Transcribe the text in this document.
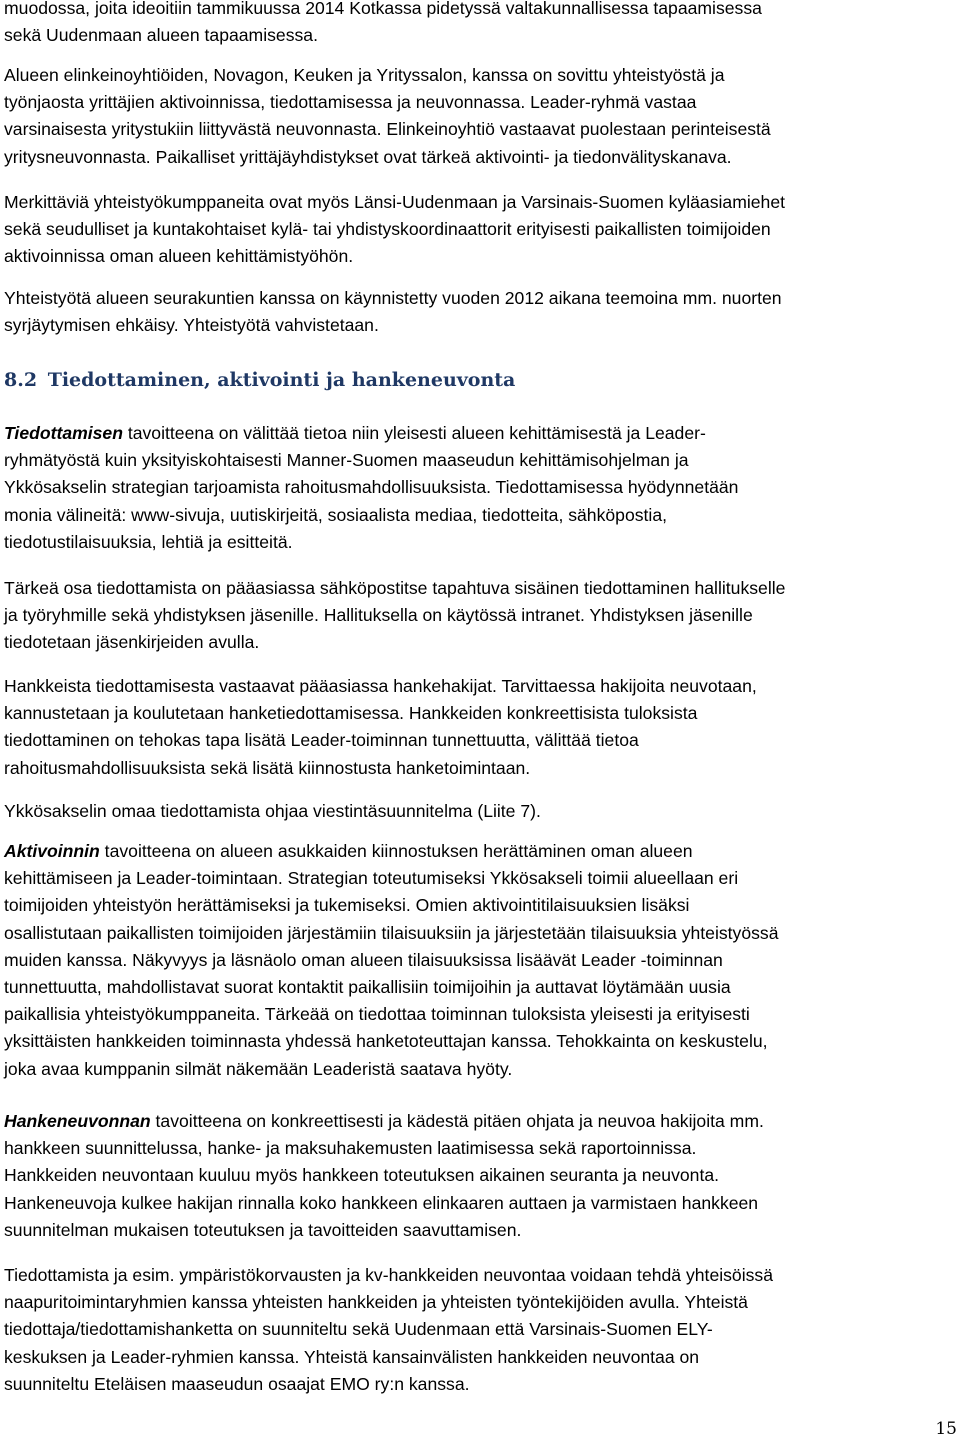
muodossa, joita ideoitiin tammikuussa 2014 Kotkassa pidetyssä valtakunnallisessa tapaamisessa
sekä Uudenmaan alueen tapaamisessa.
Alueen elinkeinoyhtiöiden, Novagon, Keuken ja Yrityssalon, kanssa on sovittu yhteistyöstä ja
työnjaosta yrittäjien aktivoinnissa, tiedottamisessa ja neuvonnassa. Leader-ryhmä vastaa
varsinaisesta yritystukiin liittyvästä neuvonnasta. Elinkeinoyhtiö vastaavat puolestaan perinteisestä
yritysneuvonnasta. Paikalliset yrittäjäyhdistykset ovat tärkeä aktivointi- ja tiedonvälityskanava.
Merkittäviä yhteistyökumppaneita ovat myös Länsi-Uudenmaan ja Varsinais-Suomen kyläasiamiehet
sekä seudulliset ja kuntakohtaiset kylä- tai yhdistyskoordinaattorit erityisesti paikallisten toimijoiden
aktivoinnissa oman alueen kehittämistyöhön.
Yhteistyötä alueen seurakuntien kanssa on käynnistetty vuoden 2012 aikana teemoina mm. nuorten
syrjäytymisen ehkäisy. Yhteistyötä vahvistetaan.
8.2 Tiedottaminen, aktivointi ja hankeneuvonta
Tiedottamisen tavoitteena on välittää tietoa niin yleisesti alueen kehittämisestä ja Leader-
ryhmätyöstä kuin yksityiskohtaisesti Manner-Suomen maaseudun kehittämisohjelman ja
Ykkösakselin strategian tarjoamista rahoitusmahdollisuuksista. Tiedottamisessa hyödynnetään
monia välineitä: www-sivuja, uutiskirjeitä, sosiaalista mediaa, tiedotteita, sähköpostia,
tiedotustilaisuuksia, lehtiä ja esitteitä.
Tärkeä osa tiedottamista on pääasiassa sähköpostitse tapahtuva sisäinen tiedottaminen hallitukselle
ja työryhmille sekä yhdistyksen jäsenille. Hallituksella on käytössä intranet. Yhdistyksen jäsenille
tiedotetaan jäsenkirjeiden avulla.
Hankkeista tiedottamisesta vastaavat pääasiassa hankehakijat. Tarvittaessa hakijoita neuvotaan,
kannustetaan ja koulutetaan hanketiedottamisessa. Hankkeiden konkreettisista tuloksista
tiedottaminen on tehokas tapa lisätä Leader-toiminnan tunnettuutta, välittää tietoa
rahoitusmahdollisuuksista sekä lisätä kiinnostusta hanketoimintaan.
Ykkösakselin omaa tiedottamista ohjaa viestintäsuunnitelma (Liite 7).
Aktivoinnin tavoitteena on alueen asukkaiden kiinnostuksen herättäminen oman alueen
kehittämiseen ja Leader-toimintaan. Strategian toteutumiseksi Ykkösakseli toimii alueellaan eri
toimijoiden yhteistyön herättämiseksi ja tukemiseksi. Omien aktivointitilaisuuksien lisäksi
osallistutaan paikallisten toimijoiden järjestämiin tilaisuuksiin ja järjestetään tilaisuuksia yhteistyössä
muiden kanssa. Näkyvyys ja läsnäolo oman alueen tilaisuuksissa lisäävät Leader -toiminnan
tunnettuutta, mahdollistavat suorat kontaktit paikallisiin toimijoihin ja auttavat löytämään uusia
paikallisia yhteistyökumppaneita. Tärkeää on tiedottaa toiminnan tuloksista yleisesti ja erityisesti
yksittäisten hankkeiden toiminnasta yhdessä hanketoteuttajan kanssa. Tehokkainta on keskustelu,
joka avaa kumppanin silmät näkemään Leaderistä saatava hyöty.
Hankeneuvonnan tavoitteena on konkreettisesti ja kädestä pitäen ohjata ja neuvoa hakijoita mm.
hankkeen suunnittelussa, hanke- ja maksuhakemusten laatimisessa sekä raportoinnissa.
Hankkeiden neuvontaan kuuluu myös hankkeen toteutuksen aikainen seuranta ja neuvonta.
Hankeneuvoja kulkee hakijan rinnalla koko hankkeen elinkaaren auttaen ja varmistaen hankkeen
suunnitelman mukaisen toteutuksen ja tavoitteiden saavuttamisen.
Tiedottamista ja esim. ympäristökorvausten ja kv-hankkeiden neuvontaa voidaan tehdä yhteisöissä
naapuritoimintaryhmien kanssa yhteisten hankkeiden ja yhteisten työntekijöiden avulla. Yhteistä
tiedottaja/tiedottamishanketta on suunniteltu sekä Uudenmaan että Varsinais-Suomen ELY-
keskuksen ja Leader-ryhmien kanssa. Yhteistä kansainvälisten hankkeiden neuvontaa on
suunniteltu Eteläisen maaseudun osaajat EMO ry:n kanssa.
15
